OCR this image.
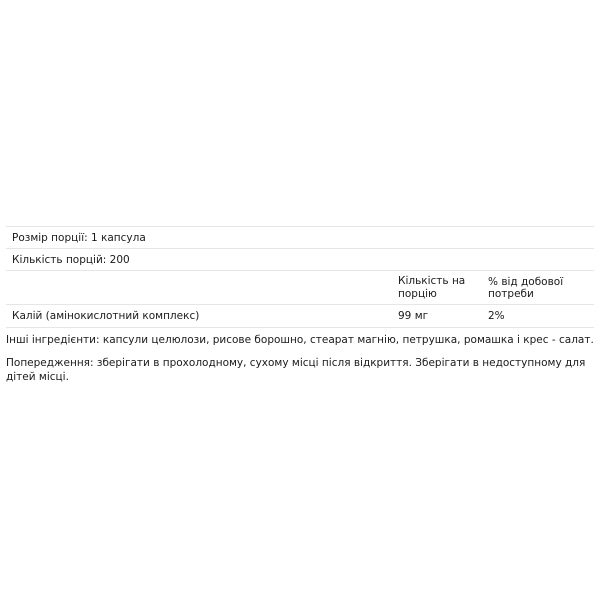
Розмір порції: 1 капсула
Кількість порцій: 200
Кількість на порцію
% від добової потреби
Калій (амінокислотний комплекс)	99 мг	2%
Інші інгредієнти: капсули целюлози, рисове борошно, стеарат магнію, петрушка, ромашка і крес - салат.
Попередження: зберігати в прохолодному, сухому місці після відкриття. Зберігати в недоступному для дітей місці.
